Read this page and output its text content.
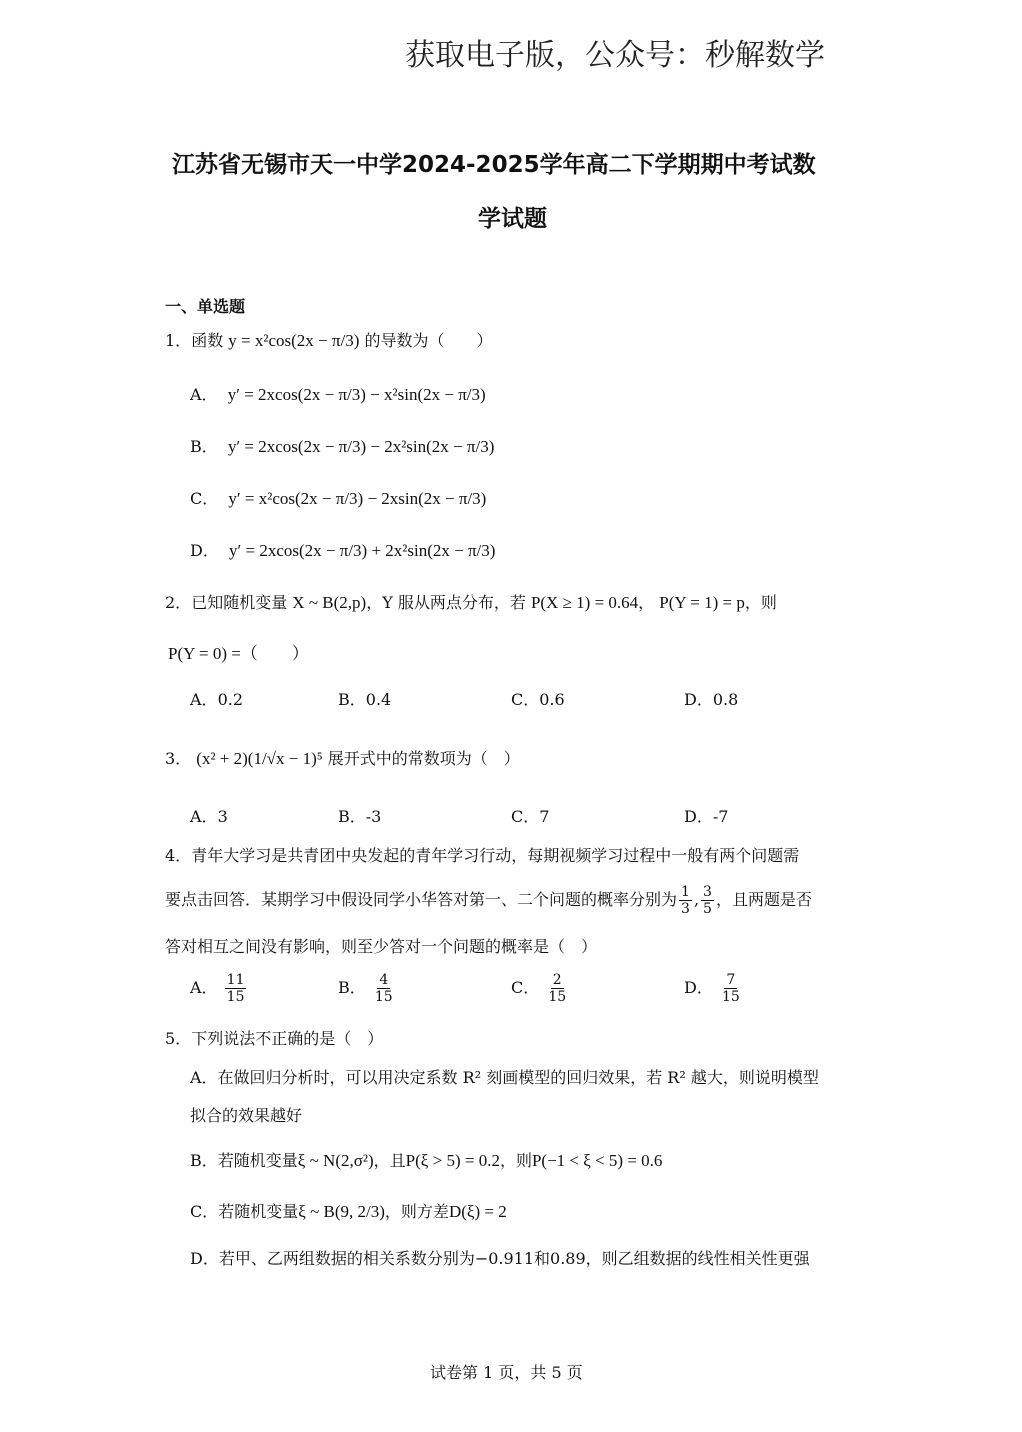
获取电子版，公众号：秒解数学
江苏省无锡市天一中学2024-2025学年高二下学期期中考试数
学试题
一、单选题
1．函数 y = x²cos(2x − π/3) 的导数为（　　）
A． y′ = 2xcos(2x − π/3) − x²sin(2x − π/3)
B． y′ = 2xcos(2x − π/3) − 2x²sin(2x − π/3)
C． y′ = x²cos(2x − π/3) − 2xsin(2x − π/3)
D． y′ = 2xcos(2x − π/3) + 2x²sin(2x − π/3)
2．已知随机变量 X ~ B(2,p)，Y 服从两点分布，若 P(X ≥ 1) = 0.64， P(Y = 1) = p，则
P(Y = 0) =（　　）
A．0.2	B．0.4	C．0.6	D．0.8
3． (x² + 2)(1/√x − 1)⁵ 展开式中的常数项为（　）
A．3	B．-3	C．7	D．-7
4．青年大学习是共青团中央发起的青年学习行动，每期视频学习过程中一般有两个问题需
要点击回答．某期学习中假设同学小华答对第一、二个问题的概率分别为 $\frac{1}{3}$ , $\frac{3}{5}$ ，且两题是否
答对相互之间没有影响，则至少答对一个问题的概率是（　）
A． $\frac{11}{15}$	B． $\frac{4}{15}$	C． $\frac{2}{15}$	D． $\frac{7}{15}$
5．下列说法不正确的是（　）
A．在做回归分析时，可以用决定系数 R² 刻画模型的回归效果，若 R² 越大，则说明模型
拟合的效果越好
B．若随机变量ξ ~ N(2,σ²)，且P(ξ > 5) = 0.2，则P(−1 < ξ < 5) = 0.6
C．若随机变量ξ ~ B(9, 2/3)，则方差D(ξ) = 2
D．若甲、乙两组数据的相关系数分别为−0.911和0.89，则乙组数据的线性相关性更强
试卷第 1 页，共 5 页
